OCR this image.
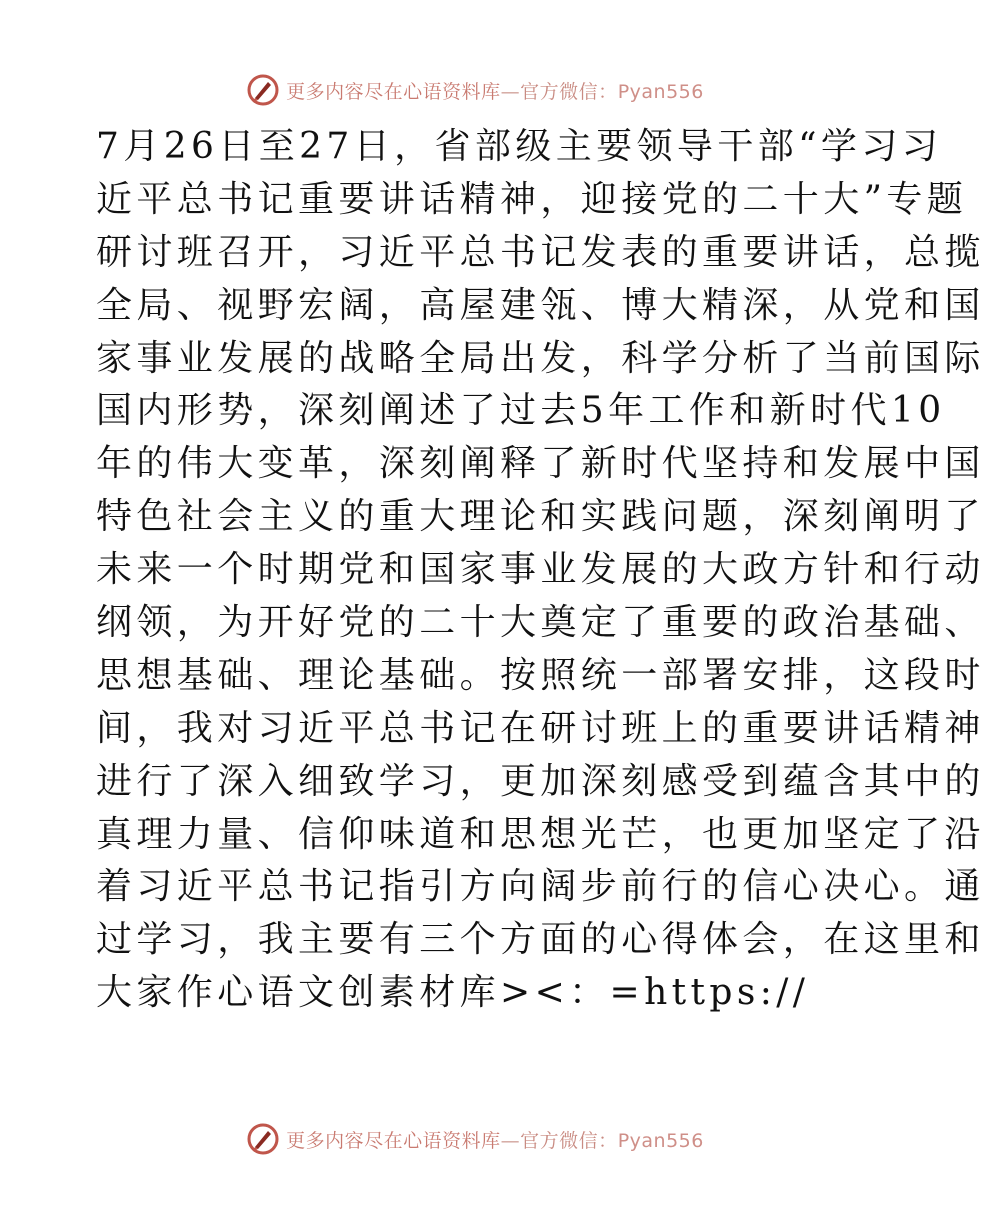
更多内容尽在心语资料库—官方微信：Pyan556
7月26日至27日，省部级主要领导干部“学习习
近平总书记重要讲话精神，迎接党的二十大”专题
研讨班召开，习近平总书记发表的重要讲话，总揽
全局、视野宏阔，高屋建瓴、博大精深，从党和国
家事业发展的战略全局出发，科学分析了当前国际
国内形势，深刻阐述了过去5年工作和新时代10
年的伟大变革，深刻阐释了新时代坚持和发展中国
特色社会主义的重大理论和实践问题，深刻阐明了
未来一个时期党和国家事业发展的大政方针和行动
纲领，为开好党的二十大奠定了重要的政治基础、
思想基础、理论基础。按照统一部署安排，这段时
间，我对习近平总书记在研讨班上的重要讲话精神
进行了深入细致学习，更加深刻感受到蕴含其中的
真理力量、信仰味道和思想光芒，也更加坚定了沿
着习近平总书记指引方向阔步前行的信心决心。通
过学习，我主要有三个方面的心得体会，在这里和
大家作心语文创素材库><：=https://
更多内容尽在心语资料库—官方微信：Pyan556
